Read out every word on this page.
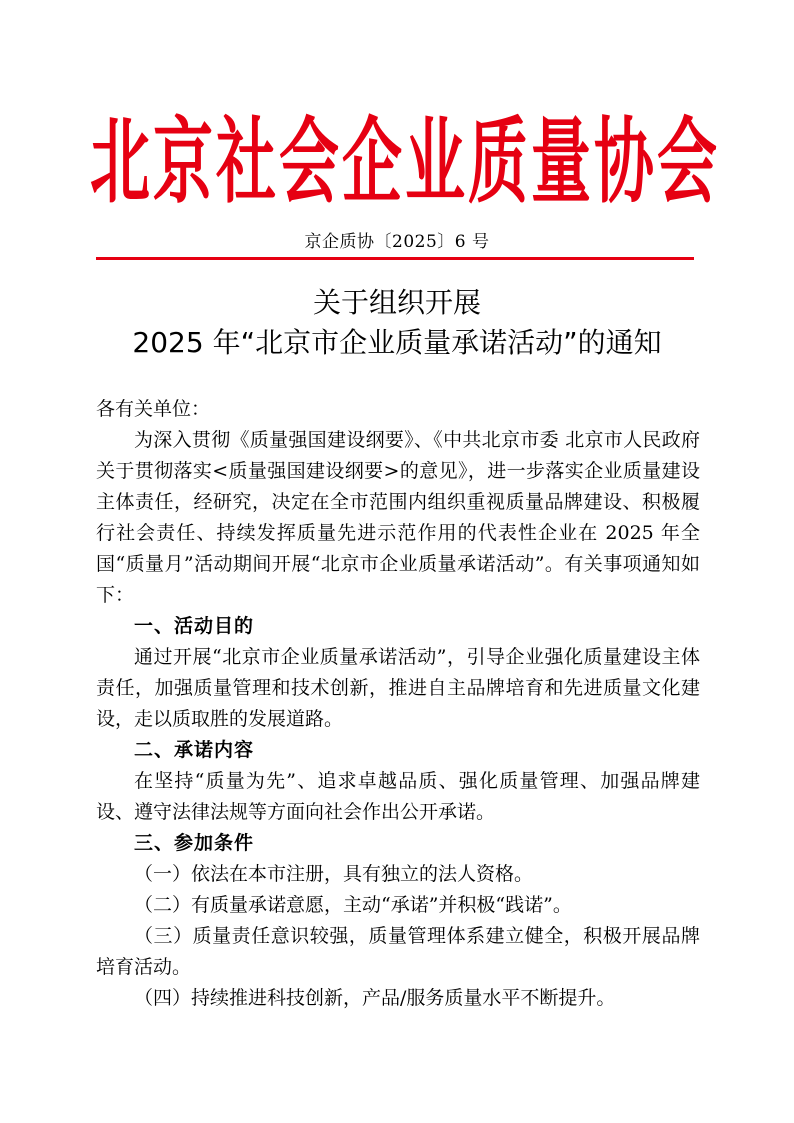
北京社会企业质量协会
京企质协〔2025〕6 号
关于组织开展
2025 年“北京市企业质量承诺活动”的通知

各有关单位：

为深入贯彻《质量强国建设纲要》、《中共北京市委 北京市人民政府关于贯彻落实<质量强国建设纲要>的意见》，进一步落实企业质量建设主体责任，经研究，决定在全市范围内组织重视质量品牌建设、积极履行社会责任、持续发挥质量先进示范作用的代表性企业在 2025 年全国“质量月”活动期间开展“北京市企业质量承诺活动”。有关事项通知如下：

一、活动目的

通过开展“北京市企业质量承诺活动”，引导企业强化质量建设主体责任，加强质量管理和技术创新，推进自主品牌培育和先进质量文化建设，走以质取胜的发展道路。

二、承诺内容

在坚持“质量为先”、追求卓越品质、强化质量管理、加强品牌建设、遵守法律法规等方面向社会作出公开承诺。

三、参加条件

（一）依法在本市注册，具有独立的法人资格。

（二）有质量承诺意愿，主动“承诺”并积极“践诺”。

（三）质量责任意识较强，质量管理体系建立健全，积极开展品牌培育活动。

（四）持续推进科技创新，产品/服务质量水平不断提升。
